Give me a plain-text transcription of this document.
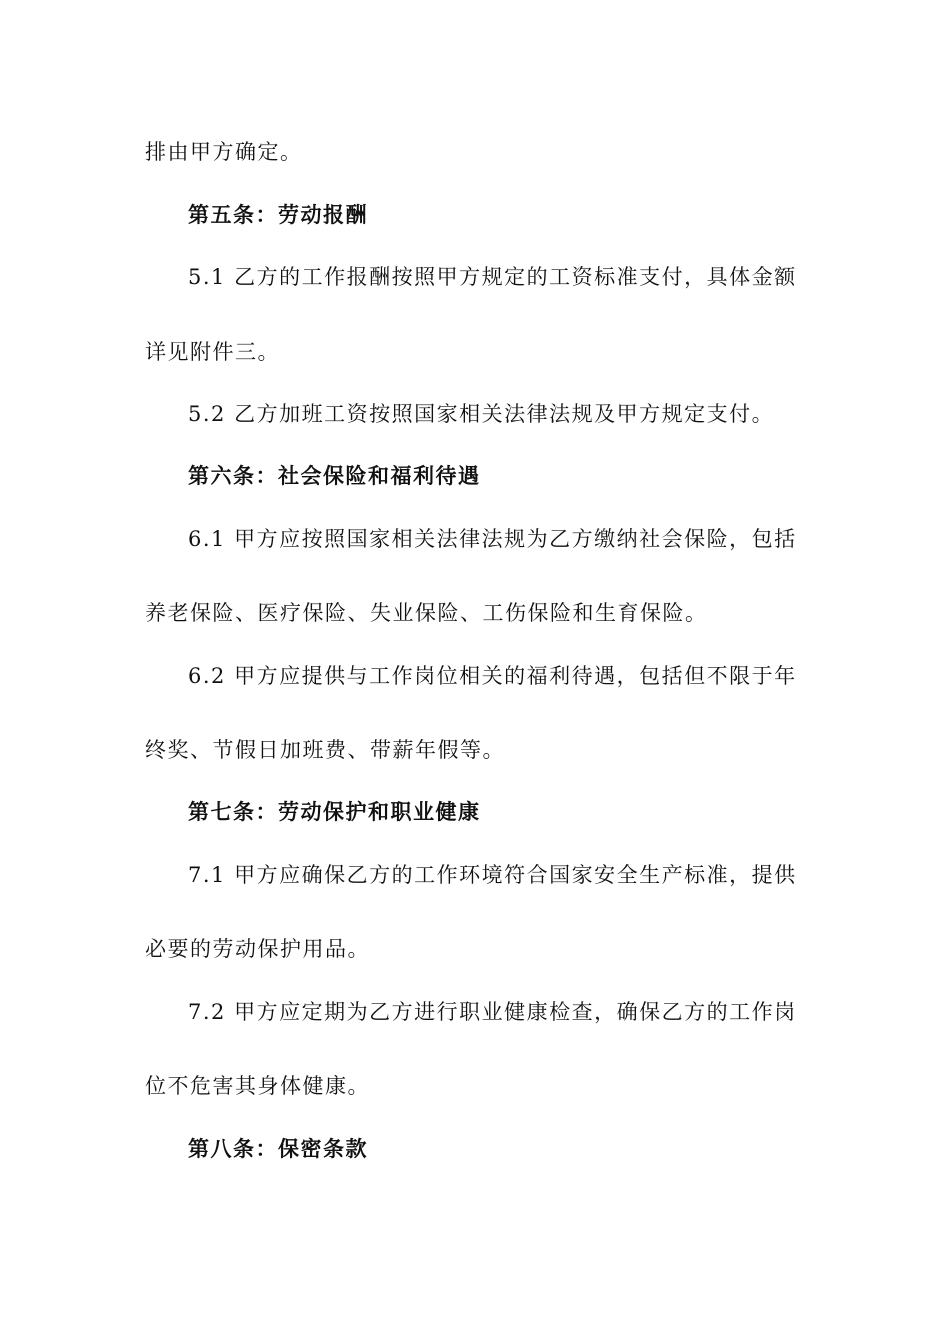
排由甲方确定。
第五条：劳动报酬
5.1 乙方的工作报酬按照甲方规定的工资标准支付，具体金额
详见附件三。
5.2 乙方加班工资按照国家相关法律法规及甲方规定支付。
第六条：社会保险和福利待遇
6.1 甲方应按照国家相关法律法规为乙方缴纳社会保险，包括
养老保险、医疗保险、失业保险、工伤保险和生育保险。
6.2 甲方应提供与工作岗位相关的福利待遇，包括但不限于年
终奖、节假日加班费、带薪年假等。
第七条：劳动保护和职业健康
7.1 甲方应确保乙方的工作环境符合国家安全生产标准，提供
必要的劳动保护用品。
7.2 甲方应定期为乙方进行职业健康检查，确保乙方的工作岗
位不危害其身体健康。
第八条：保密条款
